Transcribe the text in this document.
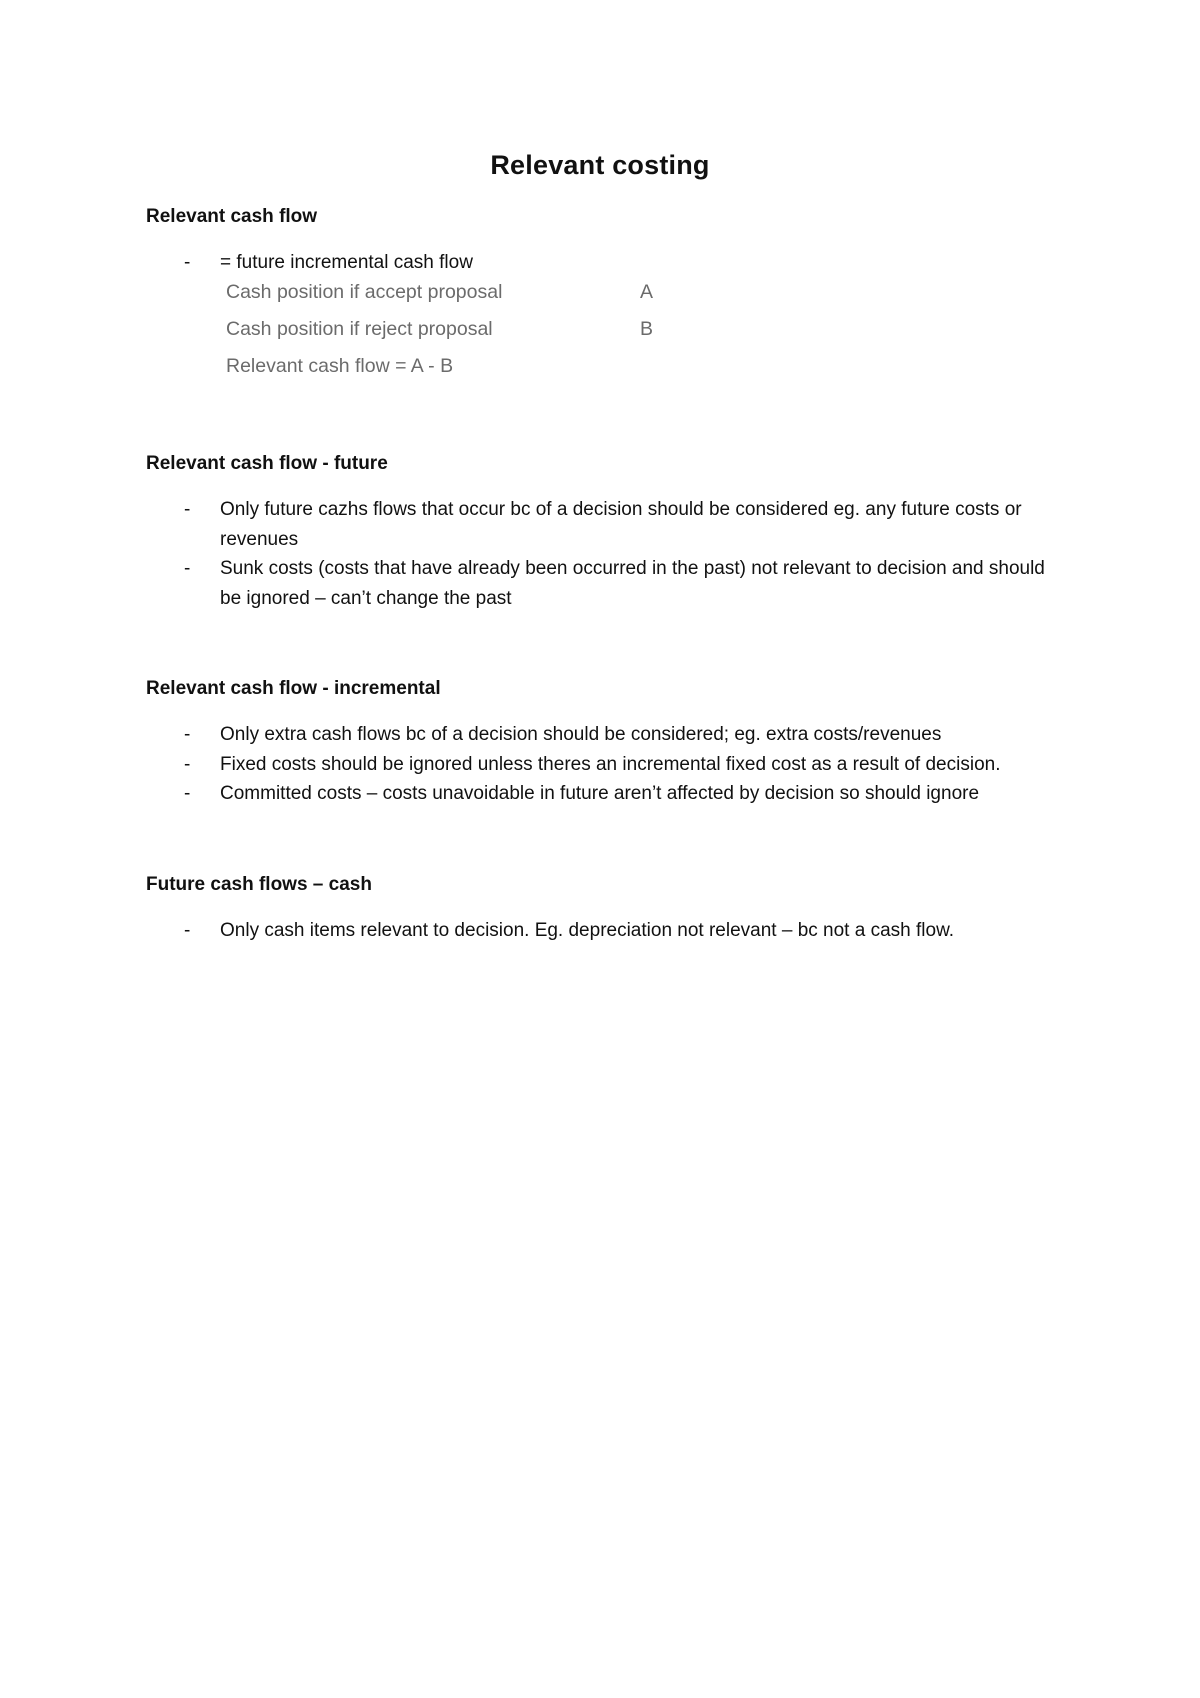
Relevant costing
Relevant cash flow
- = future incremental cash flow
Cash position if accept proposal	A
Cash position if reject proposal	B
Relevant cash flow = A - B
Relevant cash flow - future
- Only future cazhs flows that occur bc of a decision should be considered eg. any future costs or revenues
- Sunk costs (costs that have already been occurred in the past) not relevant to decision and should be ignored – can’t change the past
Relevant cash flow - incremental
- Only extra cash flows bc of a decision should be considered; eg. extra costs/revenues
- Fixed costs should be ignored unless theres an incremental fixed cost as a result of decision.
- Committed costs – costs unavoidable in future aren’t affected by decision so should ignore
Future cash flows – cash
- Only cash items relevant to decision. Eg. depreciation not relevant – bc not a cash flow.
